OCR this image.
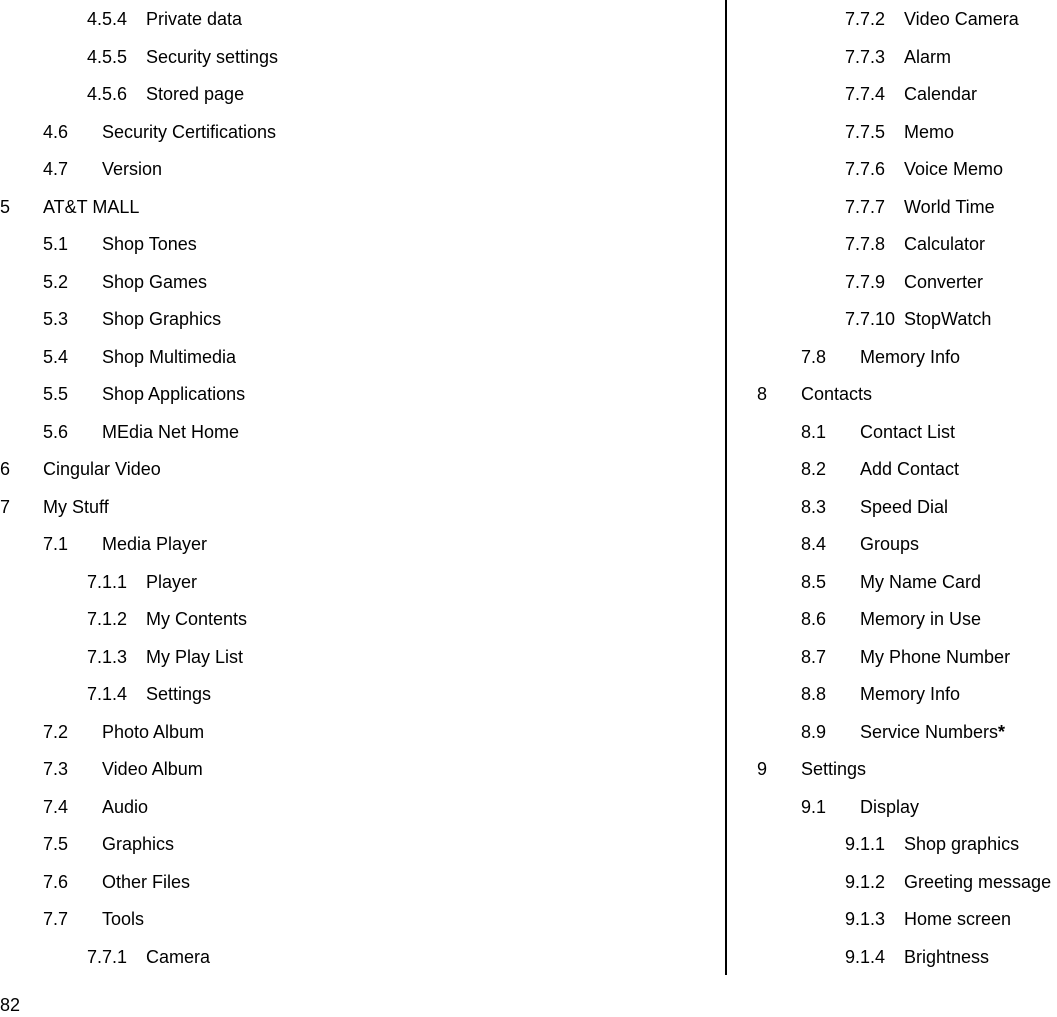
4.5.4 Private data
4.5.5 Security settings
4.5.6 Stored page
4.6 Security Certifications
4.7 Version
5 AT&T MALL
5.1 Shop Tones
5.2 Shop Games
5.3 Shop Graphics
5.4 Shop Multimedia
5.5 Shop Applications
5.6 MEdia Net Home
6 Cingular Video
7 My Stuff
7.1 Media Player
7.1.1 Player
7.1.2 My Contents
7.1.3 My Play List
7.1.4 Settings
7.2 Photo Album
7.3 Video Album
7.4 Audio
7.5 Graphics
7.6 Other Files
7.7 Tools
7.7.1 Camera
7.7.2 Video Camera
7.7.3 Alarm
7.7.4 Calendar
7.7.5 Memo
7.7.6 Voice Memo
7.7.7 World Time
7.7.8 Calculator
7.7.9 Converter
7.7.10 StopWatch
7.8 Memory Info
8 Contacts
8.1 Contact List
8.2 Add Contact
8.3 Speed Dial
8.4 Groups
8.5 My Name Card
8.6 Memory in Use
8.7 My Phone Number
8.8 Memory Info
8.9 Service Numbers*
9 Settings
9.1 Display
9.1.1 Shop graphics
9.1.2 Greeting message
9.1.3 Home screen
9.1.4 Brightness
82
